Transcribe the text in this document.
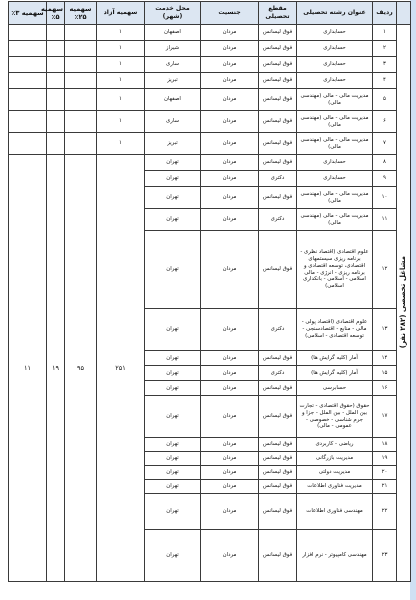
	ردیف	عنوان رشته تحصیلی	مقطع تحصیلی	جنسیت	محل خدمت (شهر)	سهمیه آزاد	سهمیه ۲۵٪	سهمیه ۵٪	سهمیه ۳٪
مشاغل تخصصی (۲۸۲ نفر)	۱	حسابداری	فوق لیسانس	مردان	اصفهان	۱			
	۲	حسابداری	فوق لیسانس	مردان	شیراز	۱			
	۳	حسابداری	فوق لیسانس	مردان	ساری	۱			
	۴	حسابداری	فوق لیسانس	مردان	تبریز	۱			
	۵	مدیریت مالی - مالی (مهندسی مالی)	فوق لیسانس	مردان	اصفهان	۱			
	۶	مدیریت مالی - مالی (مهندسی مالی)	فوق لیسانس	مردان	ساری	۱			
	۷	مدیریت مالی - مالی (مهندسی مالی)	فوق لیسانس	مردان	تبریز	۱			
	۸	حسابداری	فوق لیسانس	مردان	تهران	۲۵۱	۹۵	۱۹	۱۱
	۹	حسابداری	دکتری	مردان	تهران				
	۱۰	مدیریت مالی - مالی (مهندسی مالی)	فوق لیسانس	مردان	تهران				
	۱۱	مدیریت مالی - مالی (مهندسی مالی)	دکتری	مردان	تهران				
	۱۲	علوم اقتصادی (اقتصاد نظری - برنامه ریزی سیستمهای اقتصادی، توسعه اقتصادی و برنامه ریزی - انرژی - مالی اسلامی - اسلامی - بانکداری اسلامی)	فوق لیسانس	مردان	تهران				
	۱۳	علوم اقتصادی (اقتصاد پولی - مالی - منابع - اقتصادسنجی - توسعه اقتصادی - اسلامی)	دکتری	مردان	تهران				
	۱۴	آمار (کلیه گرایش ها)	فوق لیسانس	مردان	تهران				
	۱۵	آمار (کلیه گرایش ها)	دکتری	مردان	تهران				
	۱۶	حسابرسی	فوق لیسانس	مردان	تهران				
	۱۷	حقوق (حقوق اقتصادی - تجارت بین الملل - بین الملل - جزا و جرم شناسی - خصوصی - عمومی - مالی)	فوق لیسانس	مردان	تهران				
	۱۸	ریاضی - کاربردی	فوق لیسانس	مردان	تهران				
	۱۹	مدیریت بازرگانی	فوق لیسانس	مردان	تهران				
	۲۰	مدیریت دولتی	فوق لیسانس	مردان	تهران				
	۲۱	مدیریت فناوری اطلاعات	فوق لیسانس	مردان	تهران				
	۲۲	مهندسی فناوری اطلاعات	فوق لیسانس	مردان	تهران				
	۲۳	مهندسی کامپیوتر - نرم افزار	فوق لیسانس	مردان	تهران				
